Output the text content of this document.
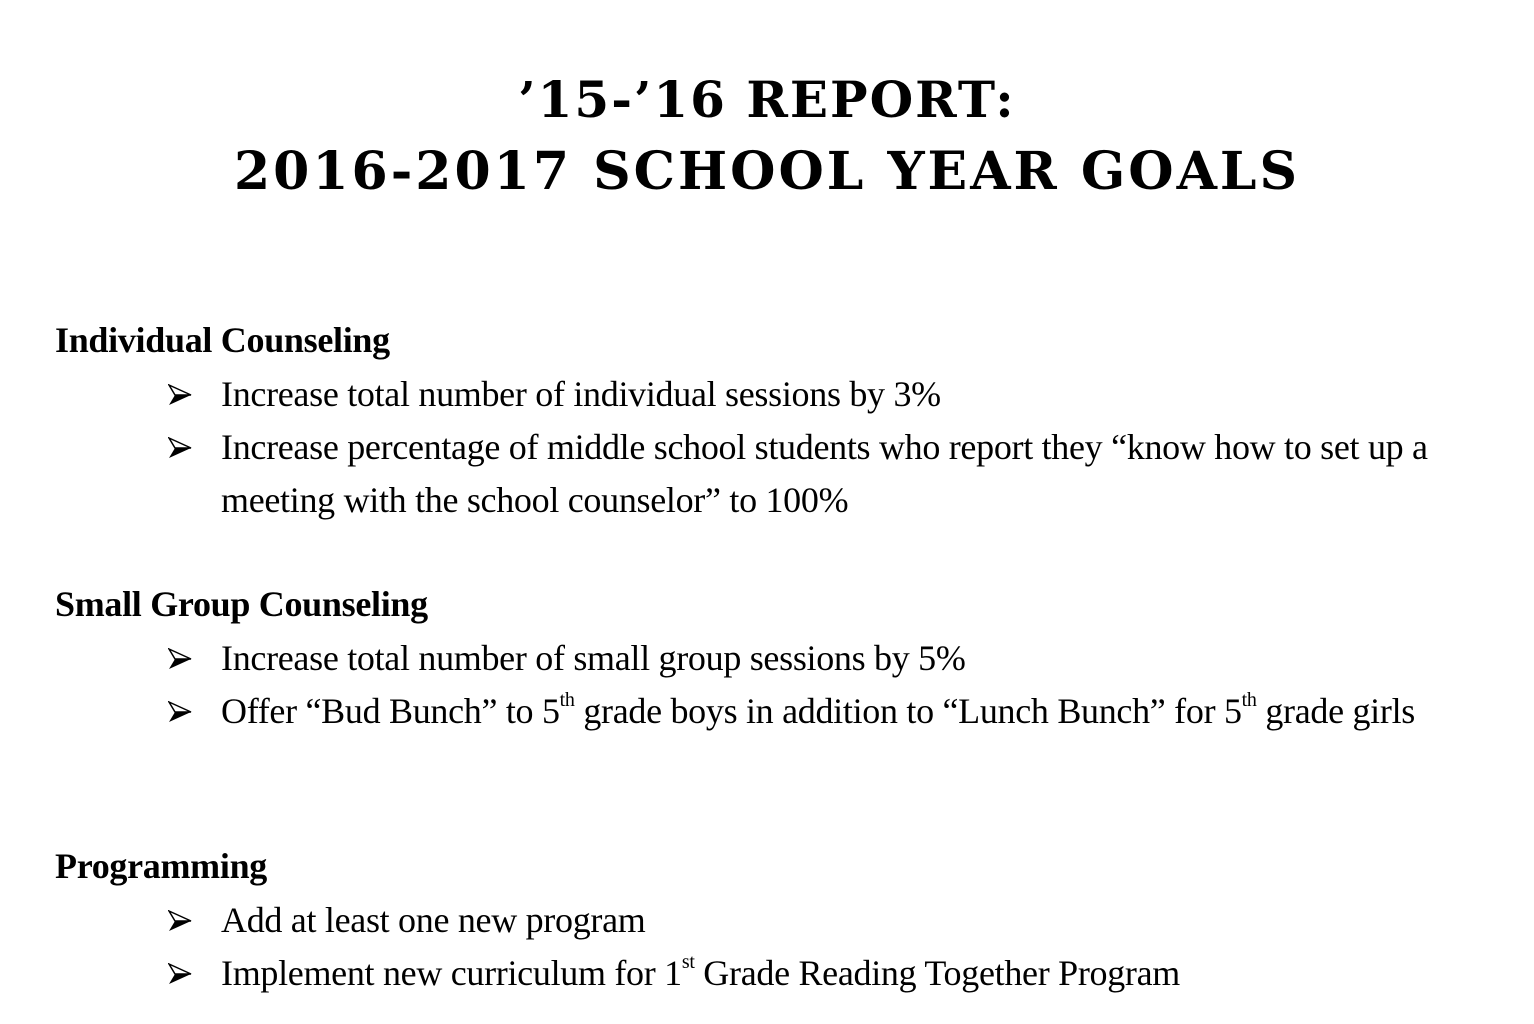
’15-’16 REPORT:
2016-2017 SCHOOL YEAR GOALS
Individual Counseling
Increase total number of individual sessions by 3%
Increase percentage of middle school students who report they “know how to set up a meeting with the school counselor” to 100%
Small Group Counseling
Increase total number of small group sessions by 5%
Offer “Bud Bunch” to 5th grade boys in addition to “Lunch Bunch” for 5th grade girls
Programming
Add at least one new program
Implement new curriculum for 1st Grade Reading Together Program
